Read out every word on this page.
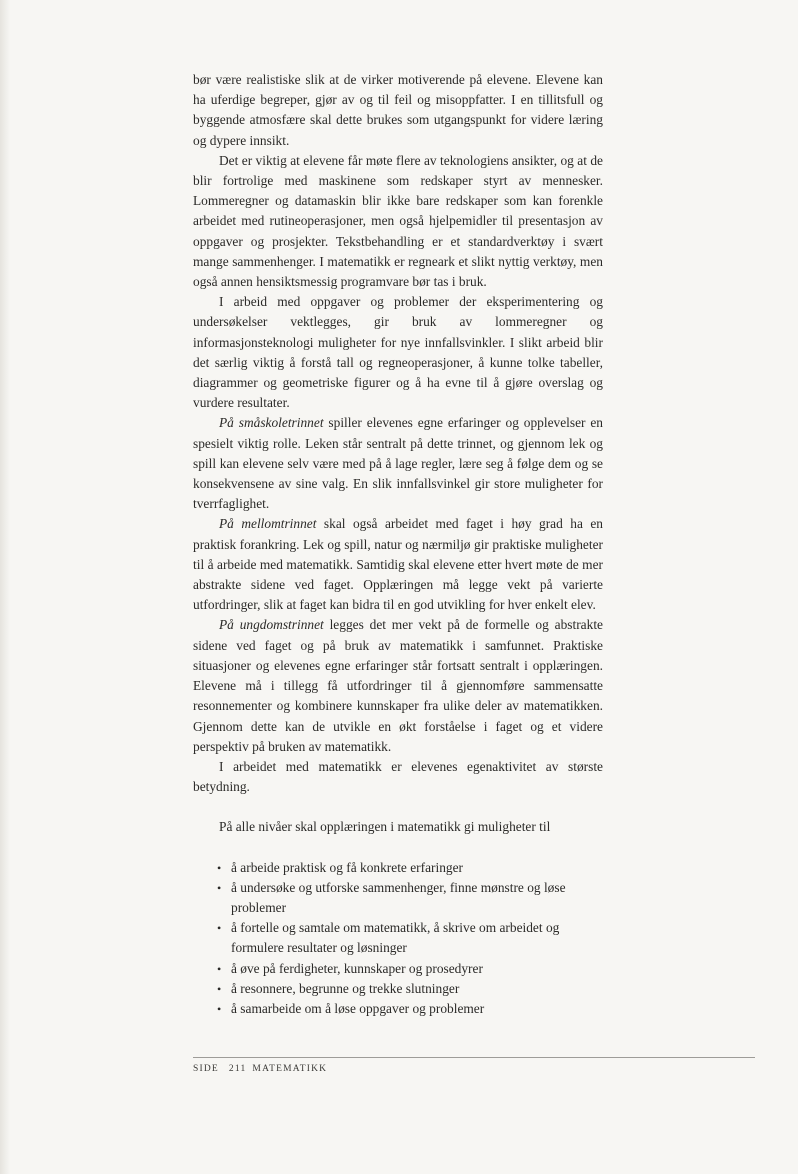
bør være realistiske slik at de virker motiverende på elevene. Elevene kan ha uferdige begreper, gjør av og til feil og misoppfatter. I en tillitsfull og byggende atmosfære skal dette brukes som utgangspunkt for videre læring og dypere innsikt.

Det er viktig at elevene får møte flere av teknologiens ansikter, og at de blir fortrolige med maskinene som redskaper styrt av mennesker. Lommeregner og datamaskin blir ikke bare redskaper som kan forenkle arbeidet med rutineoperasjoner, men også hjelpemidler til presentasjon av oppgaver og prosjekter. Tekstbehandling er et standardverktøy i svært mange sammenhenger. I matematikk er regneark et slikt nyttig verktøy, men også annen hensiktsmessig programvare bør tas i bruk.

I arbeid med oppgaver og problemer der eksperimentering og undersøkelser vektlegges, gir bruk av lommeregner og informasjonsteknologi muligheter for nye innfallsvinkler. I slikt arbeid blir det særlig viktig å forstå tall og regneoperasjoner, å kunne tolke tabeller, diagrammer og geometriske figurer og å ha evne til å gjøre overslag og vurdere resultater.

På småskoletrinnet spiller elevenes egne erfaringer og opplevelser en spesielt viktig rolle. Leken står sentralt på dette trinnet, og gjennom lek og spill kan elevene selv være med på å lage regler, lære seg å følge dem og se konsekvensene av sine valg. En slik innfallsvinkel gir store muligheter for tverrfaglighet.

På mellomtrinnet skal også arbeidet med faget i høy grad ha en praktisk forankring. Lek og spill, natur og nærmiljø gir praktiske muligheter til å arbeide med matematikk. Samtidig skal elevene etter hvert møte de mer abstrakte sidene ved faget. Opplæringen må legge vekt på varierte utfordringer, slik at faget kan bidra til en god utvikling for hver enkelt elev.

På ungdomstrinnet legges det mer vekt på de formelle og abstrakte sidene ved faget og på bruk av matematikk i samfunnet. Praktiske situasjoner og elevenes egne erfaringer står fortsatt sentralt i opplæringen. Elevene må i tillegg få utfordringer til å gjennomføre sammensatte resonnementer og kombinere kunnskaper fra ulike deler av matematikken. Gjennom dette kan de utvikle en økt forståelse i faget og et videre perspektiv på bruken av matematikk.

I arbeidet med matematikk er elevenes egenaktivitet av største betydning.

På alle nivåer skal opplæringen i matematikk gi muligheter til

• å arbeide praktisk og få konkrete erfaringer
• å undersøke og utforske sammenhenger, finne mønstre og løse problemer
• å fortelle og samtale om matematikk, å skrive om arbeidet og formulere resultater og løsninger
• å øve på ferdigheter, kunnskaper og prosedyrer
• å resonnere, begrunne og trekke slutninger
• å samarbeide om å løse oppgaver og problemer
SIDE 211 MATEMATIKK
